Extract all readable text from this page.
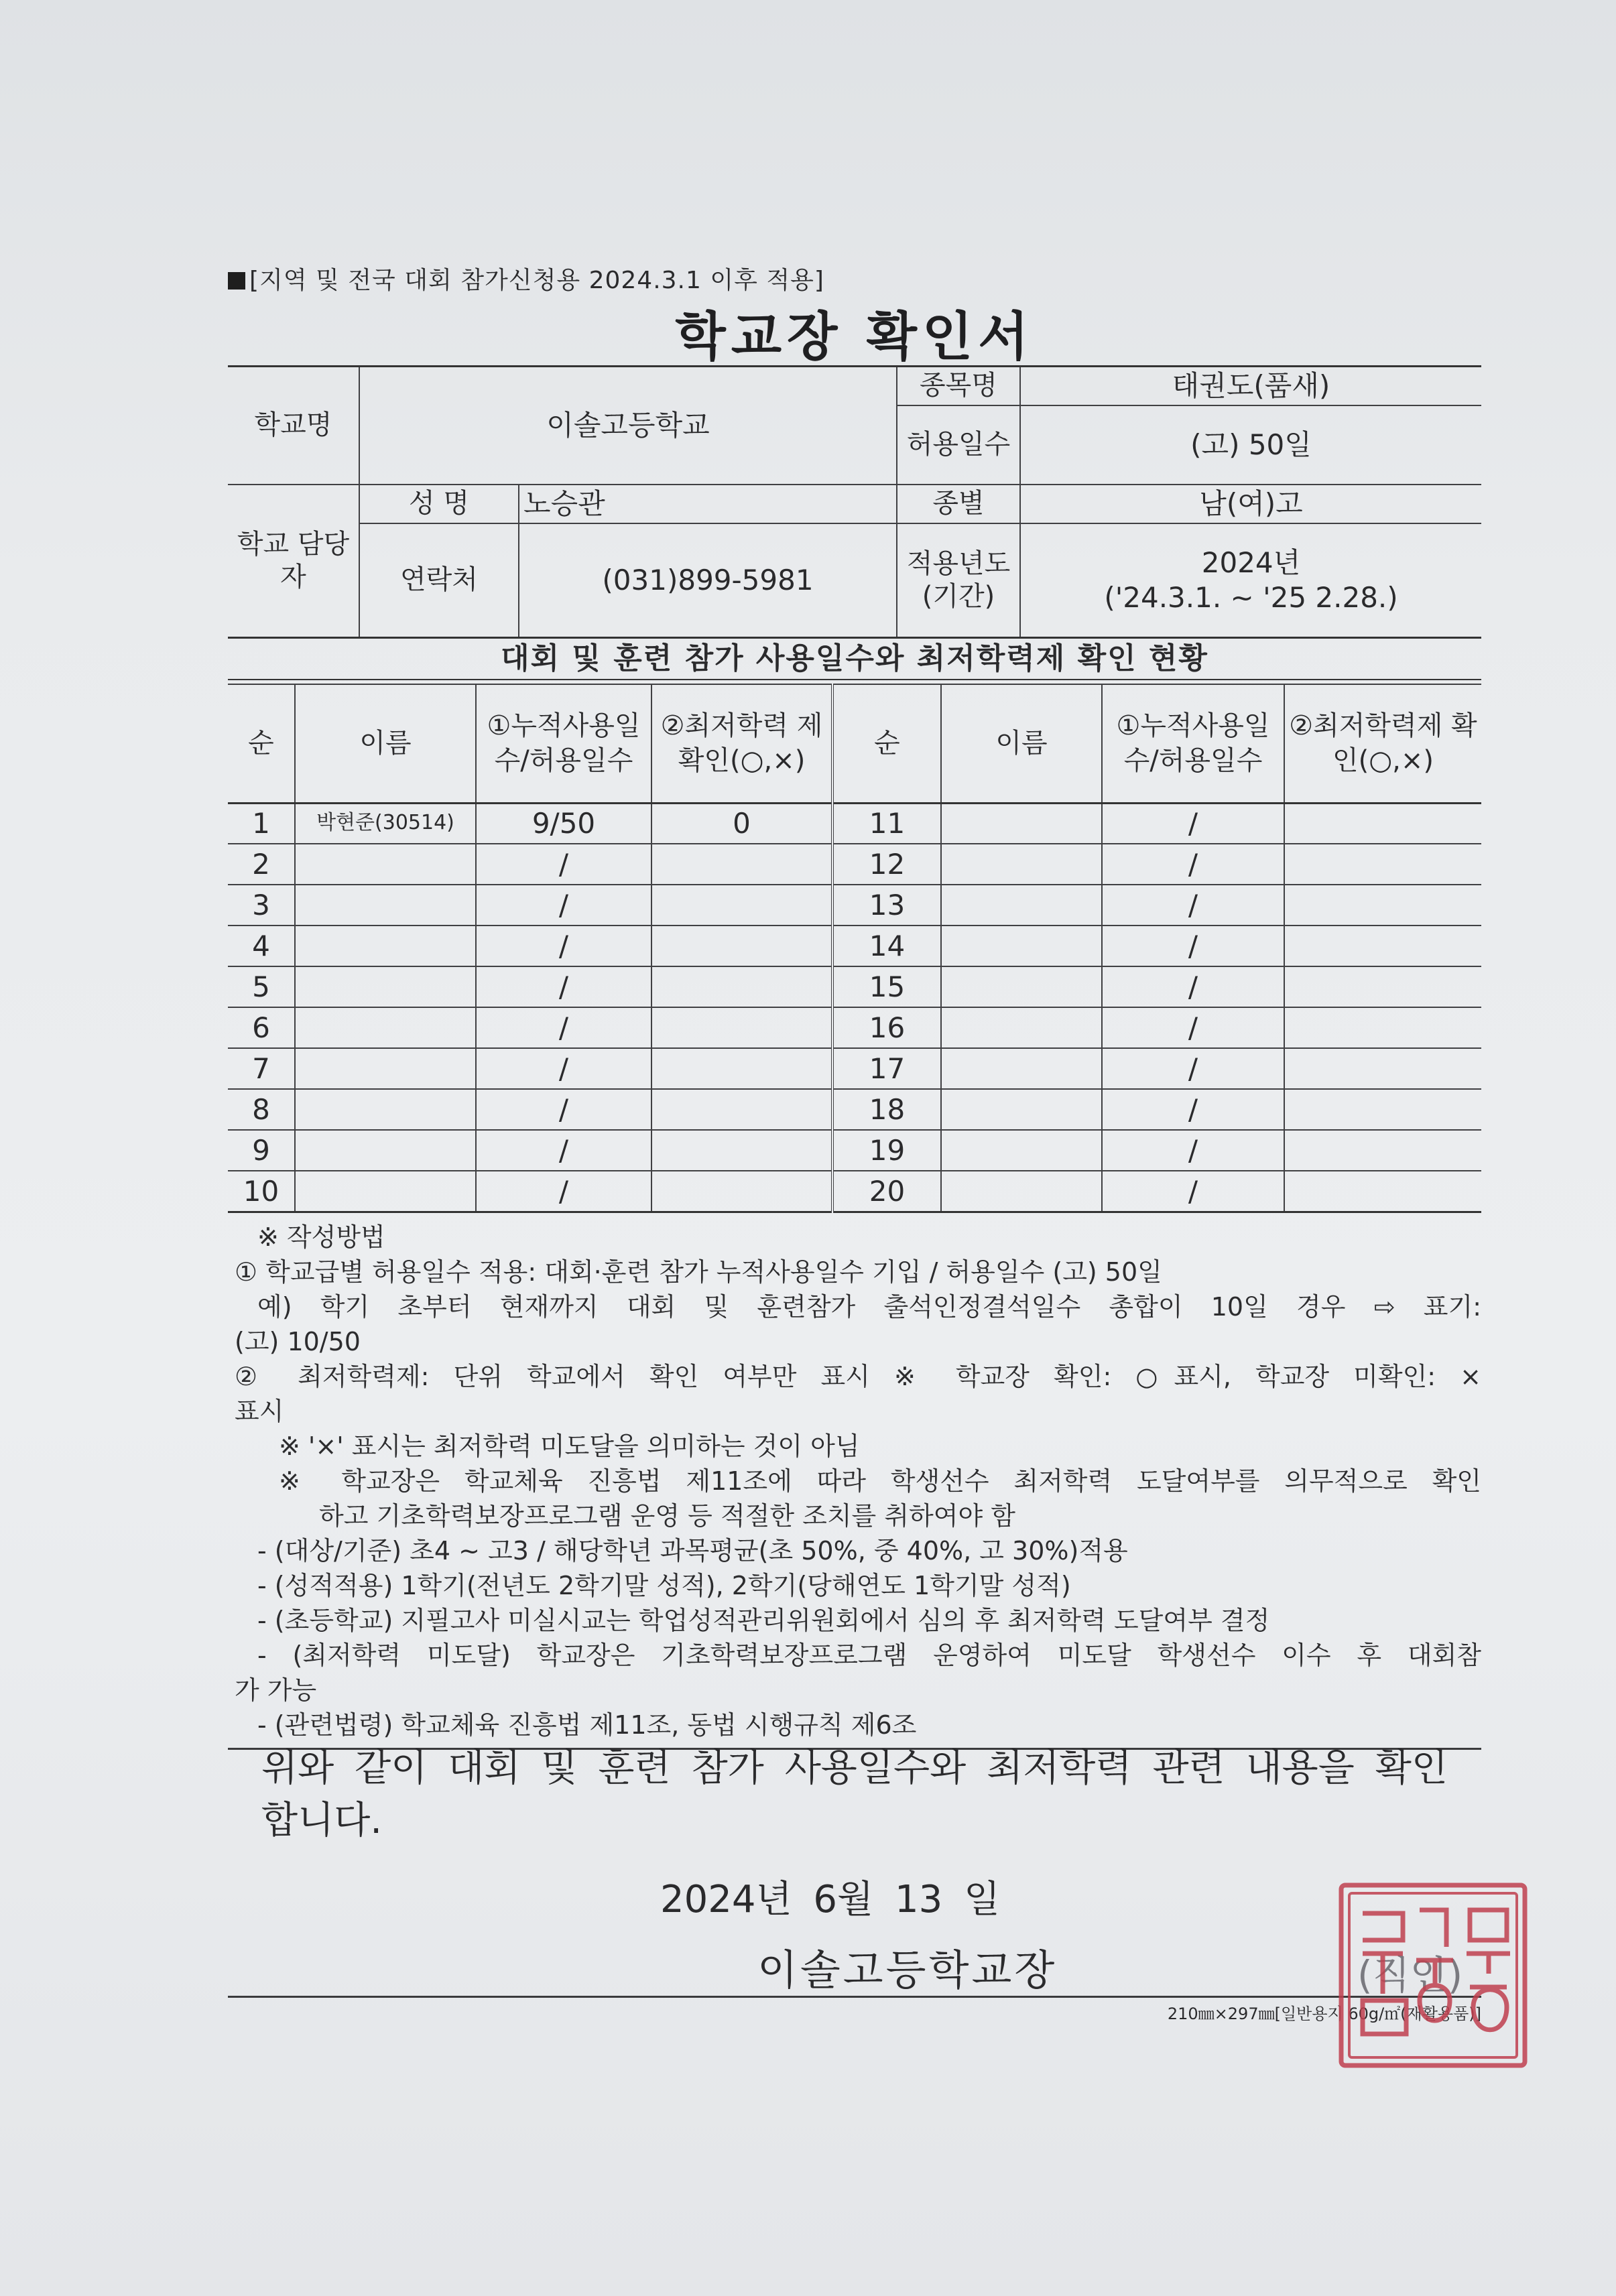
[지역 및 전국 대회 참가신청용 2024.3.1 이후 적용]
학교장 확인서
학교명	이솔고등학교		종목명	태권도(품새)
			허용일수	(고) 50일
학교 담당자	성 명	노승관	종별	남(여)고
	연락처	(031)899-5981	적용년도 (기간)	2024년
('24.3.1. ~ '25 2.28.)
대회 및 훈련 참가 사용일수와 최저학력제 확인 현황
순	이름	①누적사용일 수/허용일수	②최저학력 제 확인(○,×)	순	이름	①누적사용일 수/허용일수	②최저학력제 확인(○,×)
1	박현준(30514)	9/50	0	11		/	
2		/		12		/	
3		/		13		/	
4		/		14		/	
5		/		15		/	
6		/		16		/	
7		/		17		/	
8		/		18		/	
9		/		19		/	
10		/		20		/	
※ 작성방법
① 학교급별 허용일수 적용: 대회·훈련 참가 누적사용일수 기입 / 허용일수 (고) 50일
예) 학기 초부터 현재까지 대회 및 훈련참가 출석인정결석일수 총합이 10일 경우 ⇨ 표기:
(고) 10/50
② 최저학력제: 단위 학교에서 확인 여부만 표시 ※ 학교장 확인: ○표시, 학교장 미확인: ×
표시
※ '×' 표시는 최저학력 미도달을 의미하는 것이 아님
※ 학교장은 학교체육 진흥법 제11조에 따라 학생선수 최저학력 도달여부를 의무적으로 확인
하고 기초학력보장프로그램 운영 등 적절한 조치를 취하여야 함
- (대상/기준) 초4 ~ 고3 / 해당학년 과목평균(초 50%, 중 40%, 고 30%)적용
- (성적적용) 1학기(전년도 2학기말 성적), 2학기(당해연도 1학기말 성적)
- (초등학교) 지필고사 미실시교는 학업성적관리위원회에서 심의 후 최저학력 도달여부 결정
- (최저학력 미도달) 학교장은 기초학력보장프로그램 운영하여 미도달 학생선수 이수 후 대회참
가 가능
- (관련법령) 학교체육 진흥법 제11조, 동법 시행규칙 제6조
위와 같이 대회 및 훈련 참가 사용일수와 최저학력 관련 내용을 확인
합니다.
2024년 6월 13 일
이솔고등학교장	(직인)
210㎜×297㎜[일반용지 60g/㎡(재활용품)]
